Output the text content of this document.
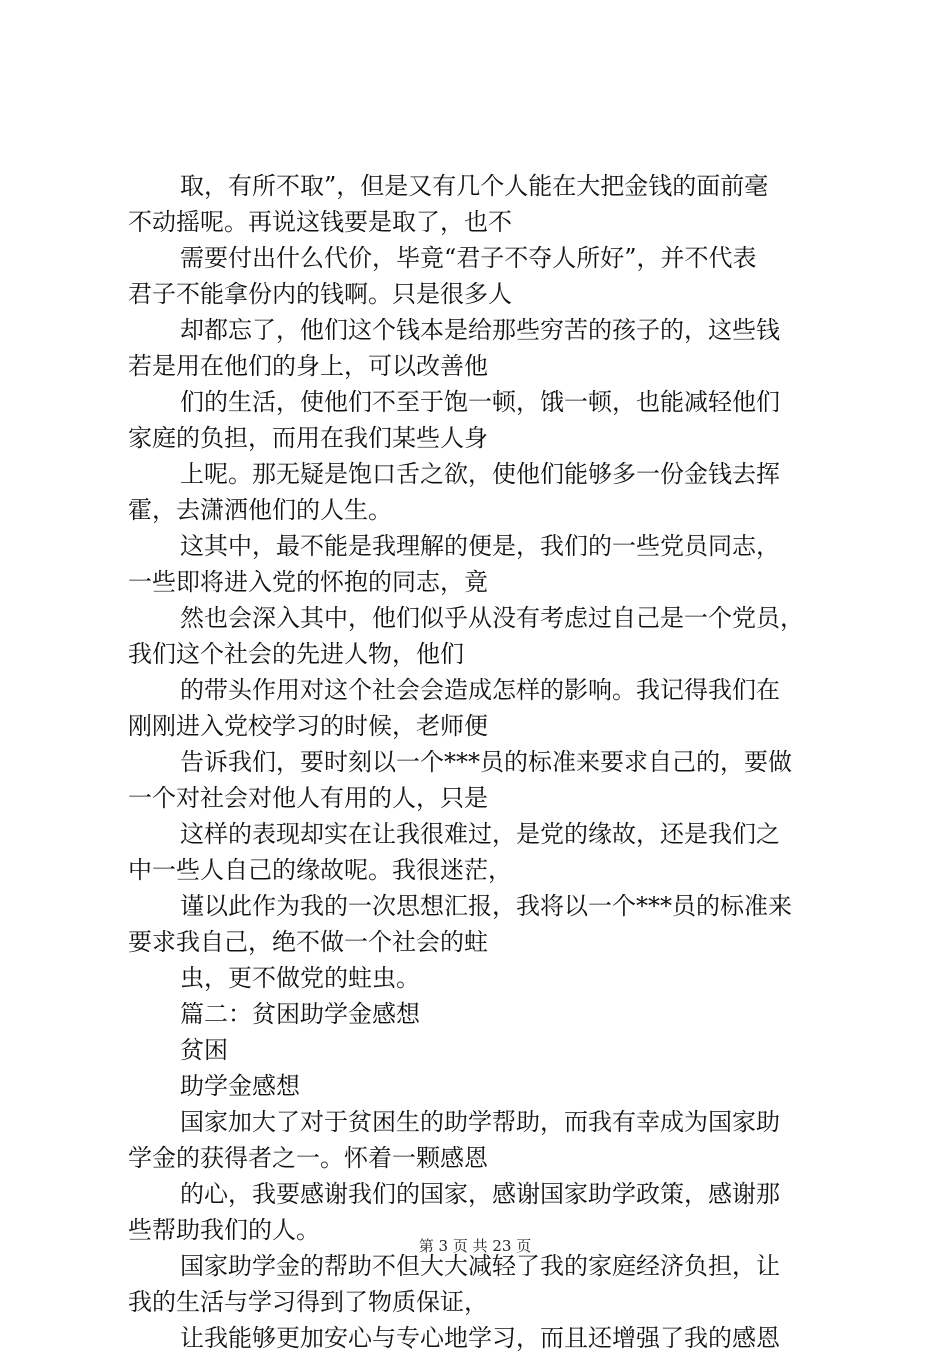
取，有所不取”，但是又有几个人能在大把金钱的面前毫
不动摇呢。再说这钱要是取了，也不
需要付出什么代价，毕竟“君子不夺人所好”，并不代表
君子不能拿份内的钱啊。只是很多人
却都忘了，他们这个钱本是给那些穷苦的孩子的，这些钱
若是用在他们的身上，可以改善他
们的生活，使他们不至于饱一顿，饿一顿，也能减轻他们
家庭的负担，而用在我们某些人身
上呢。那无疑是饱口舌之欲，使他们能够多一份金钱去挥
霍，去潇洒他们的人生。
这其中，最不能是我理解的便是，我们的一些党员同志，
一些即将进入党的怀抱的同志，竟
然也会深入其中，他们似乎从没有考虑过自己是一个党员，
我们这个社会的先进人物，他们
的带头作用对这个社会会造成怎样的影响。我记得我们在
刚刚进入党校学习的时候，老师便
告诉我们，要时刻以一个***员的标准来要求自己的，要做
一个对社会对他人有用的人，只是
这样的表现却实在让我很难过，是党的缘故，还是我们之
中一些人自己的缘故呢。我很迷茫，
谨以此作为我的一次思想汇报，我将以一个***员的标准来
要求我自己，绝不做一个社会的蛀
虫，更不做党的蛀虫。
篇二：贫困助学金感想
贫困
助学金感想
国家加大了对于贫困生的助学帮助，而我有幸成为国家助
学金的获得者之一。怀着一颗感恩
的心，我要感谢我们的国家，感谢国家助学政策，感谢那
些帮助我们的人。
国家助学金的帮助不但大大减轻了我的家庭经济负担，让
我的生活与学习得到了物质保证，
让我能够更加安心与专心地学习，而且还增强了我的感恩
第 3 页 共 23 页
